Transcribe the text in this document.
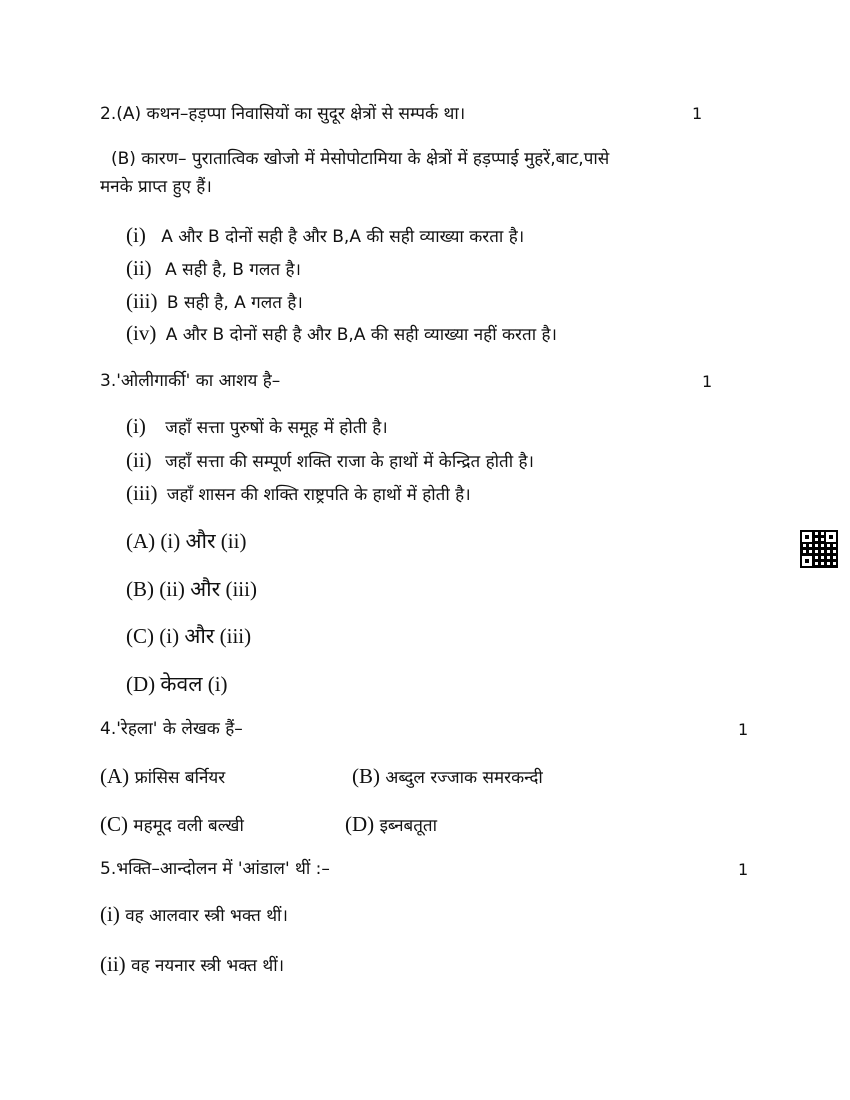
2.(A) कथन–हड़प्पा निवासियों का सुदूर क्षेत्रों से सम्पर्क था।	1
(B) कारण– पुरातात्विक खोजो में मेसोपोटामिया के क्षेत्रों में हड़प्पाई मुहरें,बाट,पासे
मनके प्राप्त हुए हैं।
(i) A और B दोनों सही है और B,A की सही व्याख्या करता है।
(ii) A सही है, B गलत है।
(iii) B सही है, A गलत है।
(iv) A और B दोनों सही है और B,A की सही व्याख्या नहीं करता है।
3.'ओलीगार्की' का आशय है–	1
(i) जहाँ सत्ता पुरुषों के समूह में होती है।
(ii) जहाँ सत्ता की सम्पूर्ण शक्ति राजा के हाथों में केन्द्रित होती है।
(iii) जहाँ शासन की शक्ति राष्ट्रपति के हाथों में होती है।
(A) (i) और (ii)
(B) (ii) और (iii)
(C) (i) और (iii)
(D) केवल (i)
4.'रेहला' के लेखक हैं–	1
(A) फ्रांसिस बर्नियर	(B) अब्दुल रज्जाक समरकन्दी
(C) महमूद वली बल्खी	(D) इब्नबतूता
5.भक्ति–आन्दोलन में 'आंडाल' थीं :–	1
(i) वह आलवार स्त्री भक्त थीं।
(ii) वह नयनार स्त्री भक्त थीं।
